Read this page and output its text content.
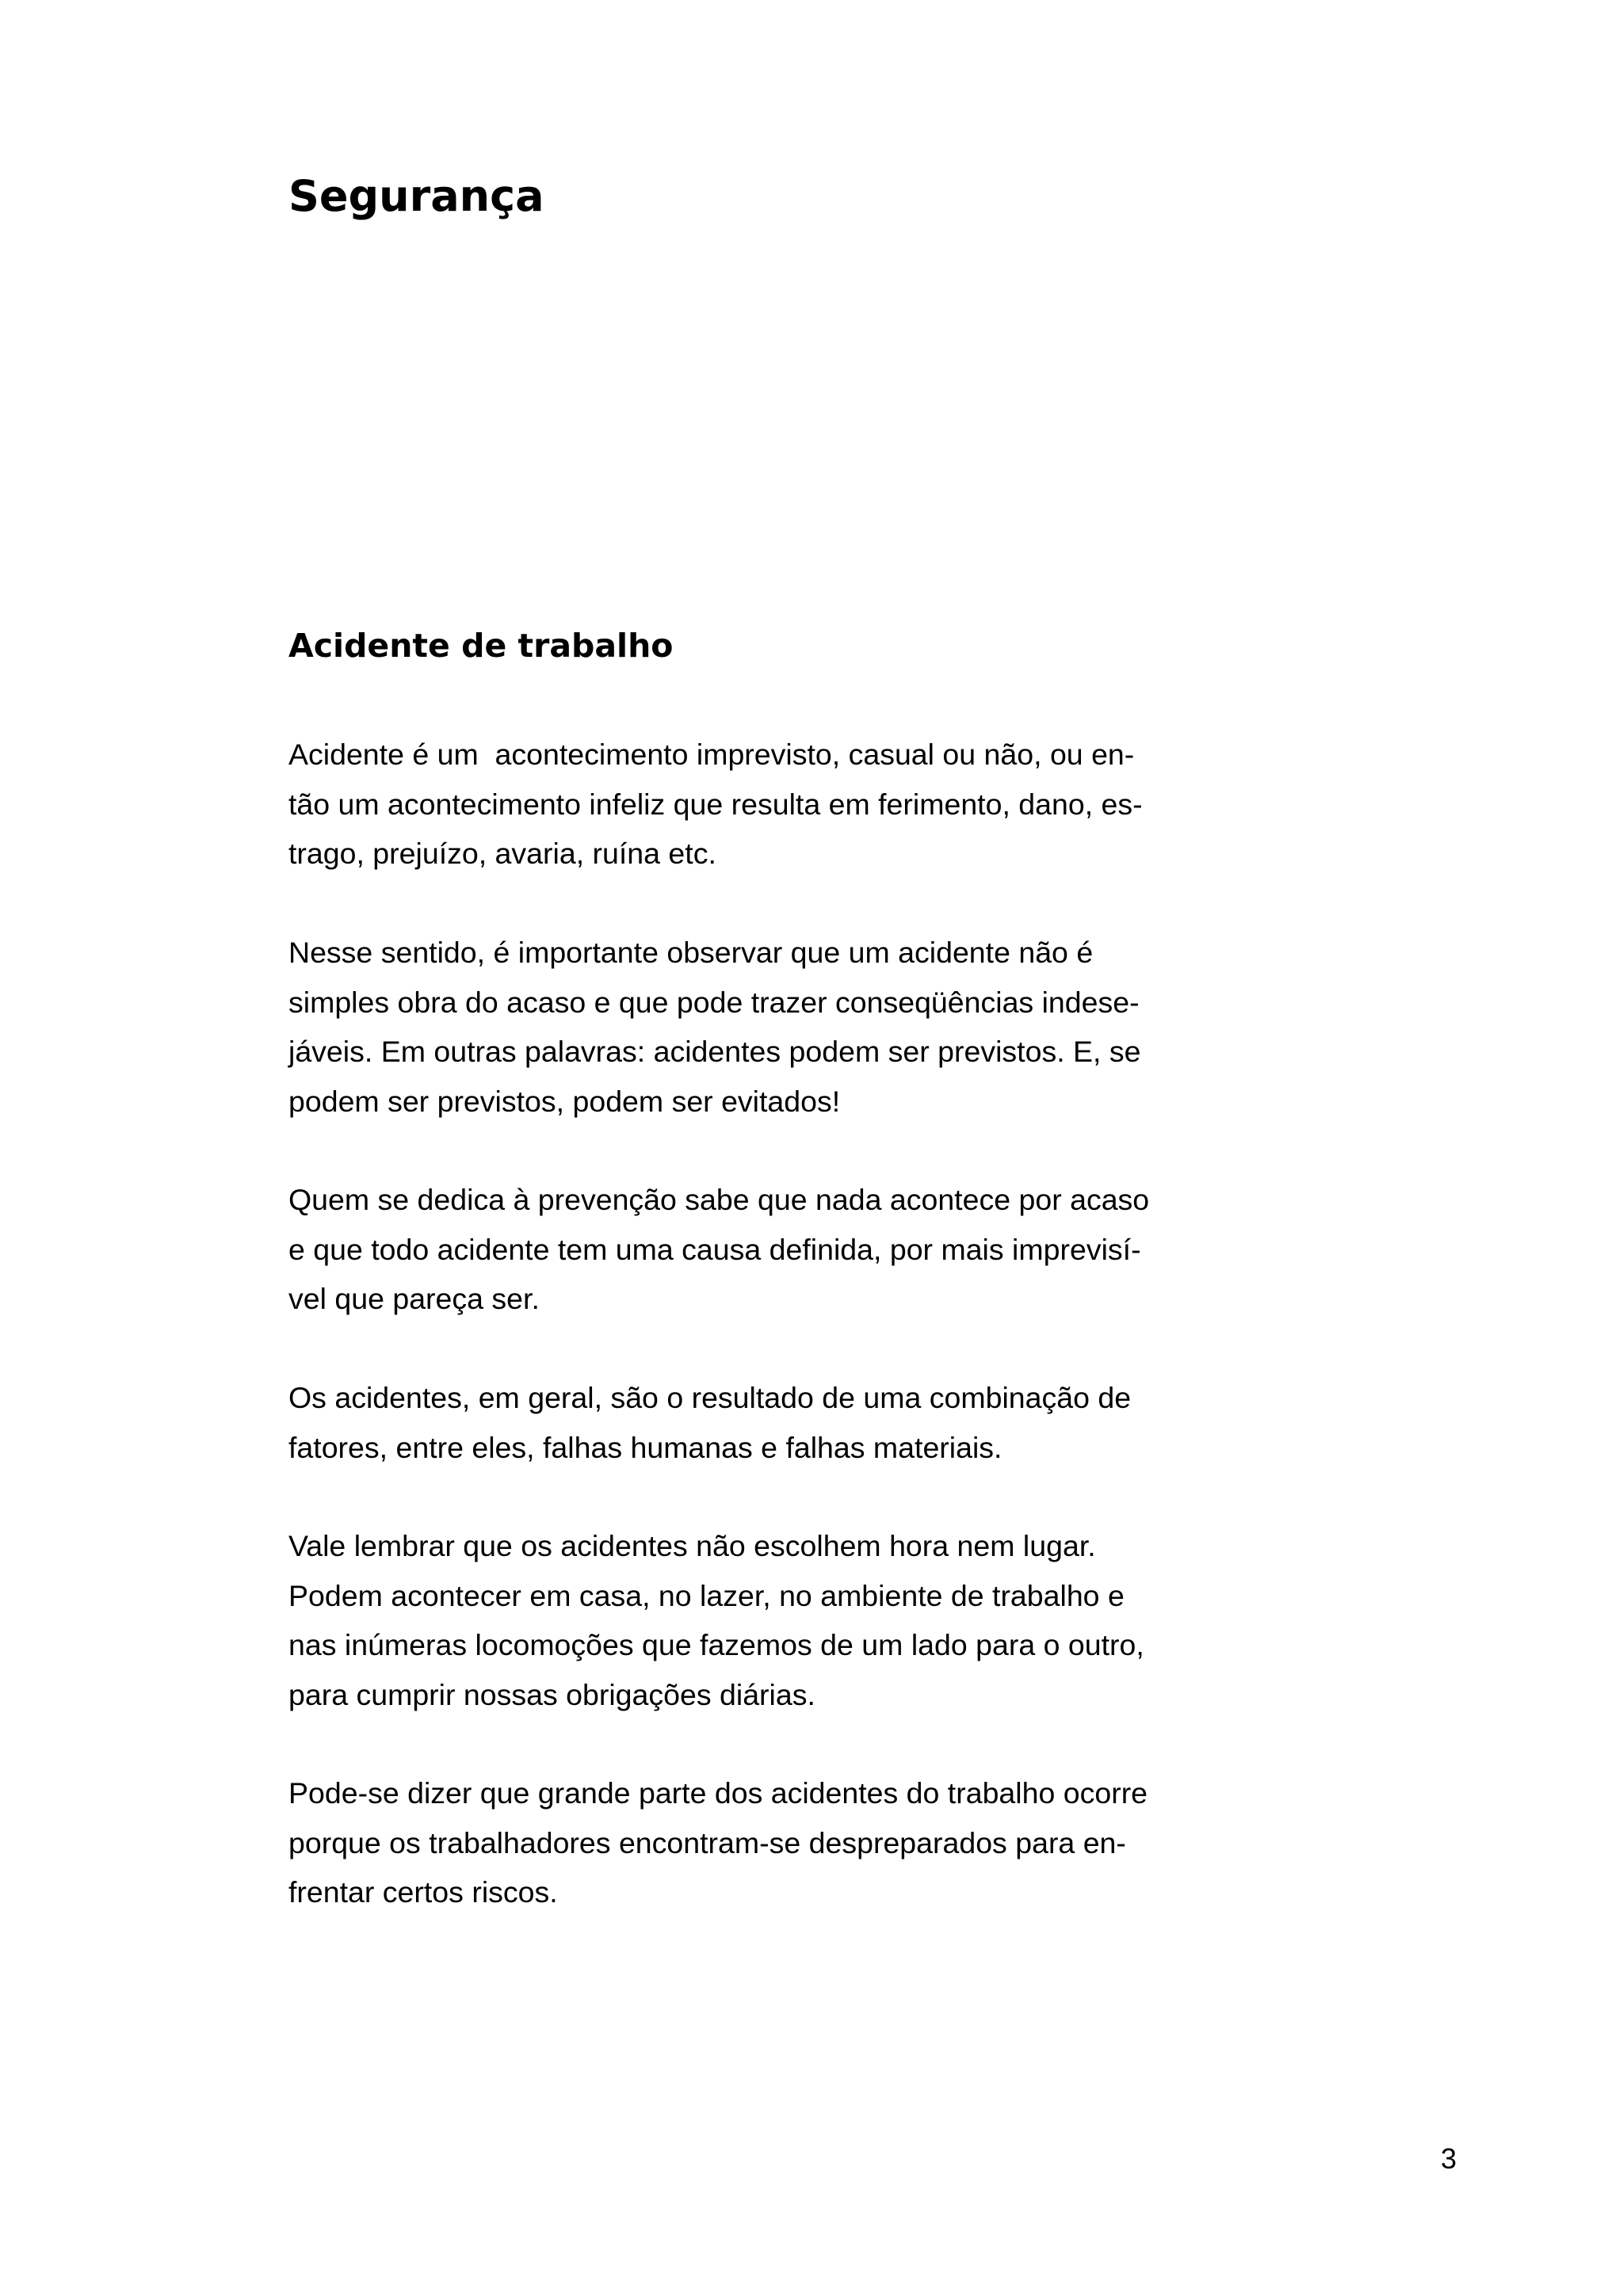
Segurança
Acidente de trabalho
Acidente é um  acontecimento imprevisto, casual ou não, ou en-
tão um acontecimento infeliz que resulta em ferimento, dano, es-
trago, prejuízo, avaria, ruína etc.
Nesse sentido, é importante observar que um acidente não é
simples obra do acaso e que pode trazer conseqüências indese-
jáveis. Em outras palavras: acidentes podem ser previstos. E, se
podem ser previstos, podem ser evitados!
Quem se dedica à prevenção sabe que nada acontece por acaso
e que todo acidente tem uma causa definida, por mais imprevisí-
vel que pareça ser.
Os acidentes, em geral, são o resultado de uma combinação de
fatores, entre eles, falhas humanas e falhas materiais.
Vale lembrar que os acidentes não escolhem hora nem lugar.
Podem acontecer em casa, no lazer, no ambiente de trabalho e
nas inúmeras locomoções que fazemos de um lado para o outro,
para cumprir nossas obrigações diárias.
Pode-se dizer que grande parte dos acidentes do trabalho ocorre
porque os trabalhadores encontram-se despreparados para en-
frentar certos riscos.
3
